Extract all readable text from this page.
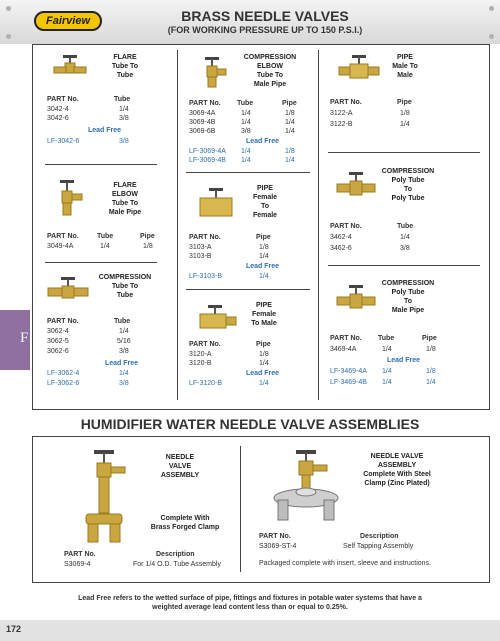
Fairview	BRASS NEEDLE VALVES
(FOR WORKING PRESSURE UP TO 150 P.S.I.)
F
FLARE
Tube To
Tube
PART No.	Tube
3042-4	1/4
3042-6	3/8
Lead Free
LF-3042-6	3/8
FLARE
ELBOW
Tube To
Male Pipe
PART No.	Tube	Pipe
3049-4A	1/4	1/8
COMPRESSION
Tube To
Tube
PART No.	Tube
3062-4	1/4
3062-5	5/16
3062-6	3/8
Lead Free
LF-3062-4	1/4
LF-3062-6	3/8
COMPRESSION
ELBOW
Tube To
Male Pipe
PART No. Tube	Pipe
3069-4A	1/4	1/8
3069-4B	1/4	1/4
3069-6B	3/8	1/4
Lead Free
LF-3069-4A 1/4	1/8
LF-3069-4B 1/4	1/4
PIPE
Female
To
Female
PART No.	Pipe
3103-A	1/8
3103-B	1/4
Lead Free
LF-3103-B	1/4
PIPE
Female
To Male
PART No.	Pipe
3120-A	1/8
3120-B	1/4
Lead Free
LF-3120-B	1/4
PIPE
Male To
Male
PART No.	Pipe
3122-A	1/8
3122-B	1/4
COMPRESSION
Poly Tube
To
Poly Tube
PART No.	Tube
3462-4	1/4
3462-6	3/8
COMPRESSION
Poly Tube
To
Male Pipe
PART No. Tube	Pipe
3469-4A	1/4	1/8
Lead Free
LF-3469-4A 1/4	1/8
LF-3469-4B 1/4	1/4
HUMIDIFIER WATER NEEDLE VALVE ASSEMBLIES
NEEDLE
VALVE
ASSEMBLY
Complete With
Brass Forged Clamp
PART No.	Description
S3069-4	For 1/4 O.D. Tube Assembly
NEEDLE VALVE
ASSEMBLY
Complete With Steel
Clamp (Zinc Plated)
PART No.	Description
S3069-ST-4	Self Tapping Assembly
Packaged complete with insert, sleeve and instructions.
Lead Free refers to the wetted surface of pipe, fittings and fixtures in potable water systems that have a
weighted average lead content less than or equal to 0.25%.
172
